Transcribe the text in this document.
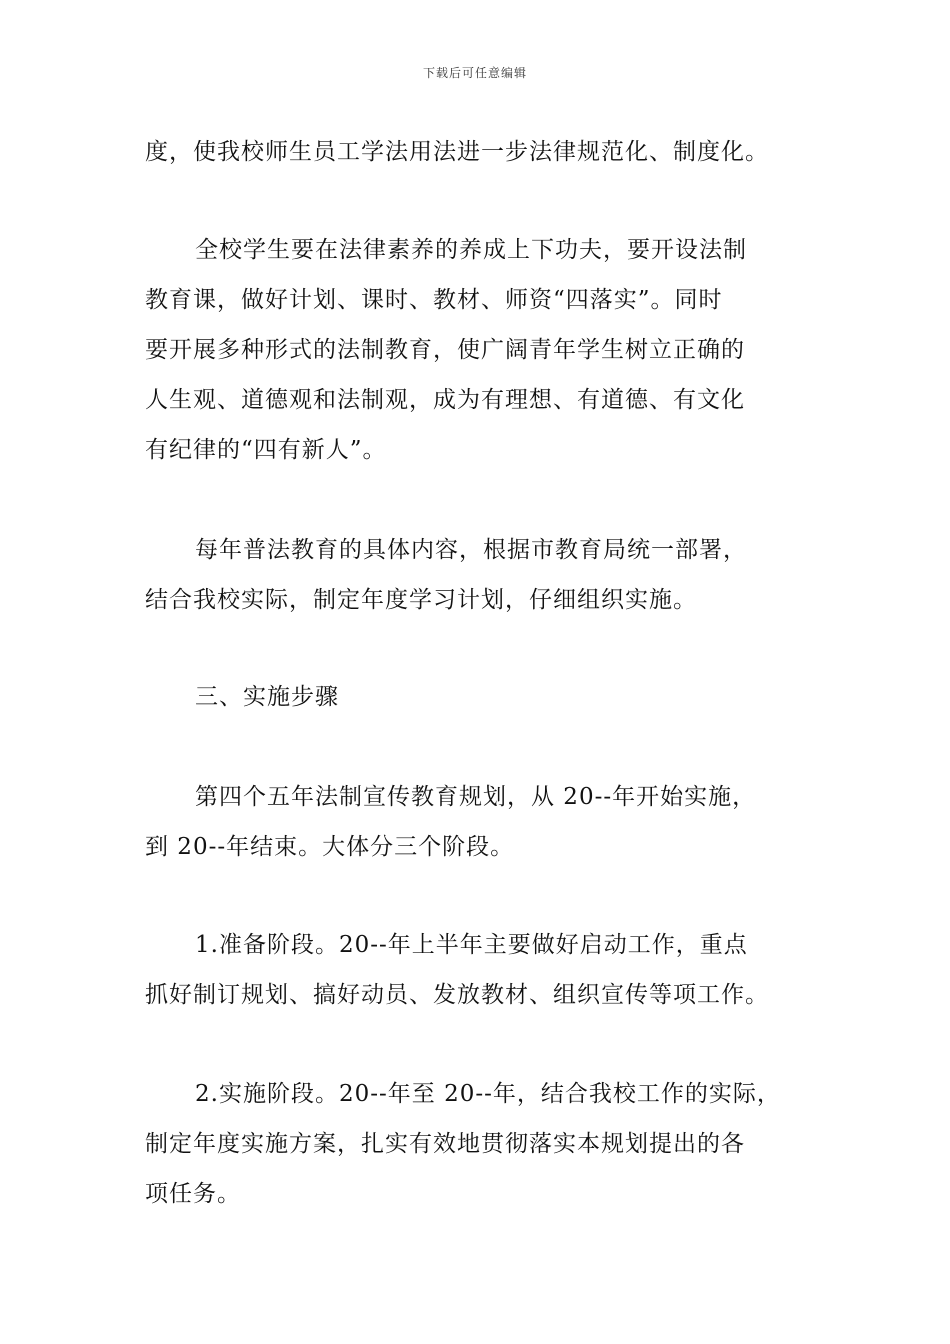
下载后可任意编辑
度，使我校师生员工学法用法进一步法律规范化、制度化。
全校学生要在法律素养的养成上下功夫，要开设法制
教育课，做好计划、课时、教材、师资“四落实”。同时
要开展多种形式的法制教育，使广阔青年学生树立正确的
人生观、道德观和法制观，成为有理想、有道德、有文化
有纪律的“四有新人”。
每年普法教育的具体内容，根据市教育局统一部署，
结合我校实际，制定年度学习计划，仔细组织实施。
三、实施步骤
第四个五年法制宣传教育规划，从 20--年开始实施，
到 20--年结束。大体分三个阶段。
1.准备阶段。20--年上半年主要做好启动工作，重点
抓好制订规划、搞好动员、发放教材、组织宣传等项工作。
2.实施阶段。20--年至 20--年，结合我校工作的实际，
制定年度实施方案，扎实有效地贯彻落实本规划提出的各
项任务。
